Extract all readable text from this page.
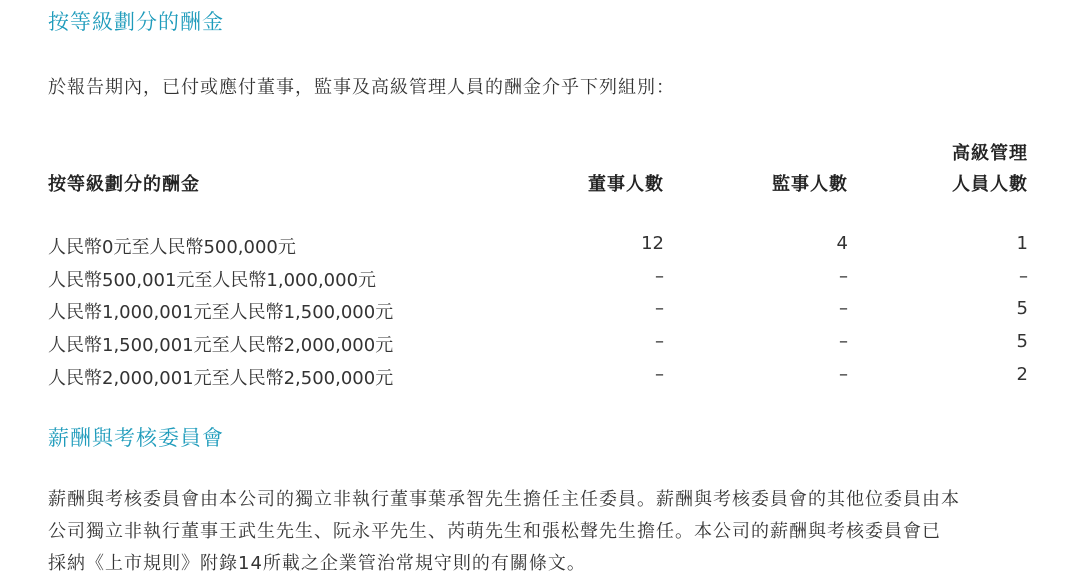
按等級劃分的酬金

於報告期內，已付或應付董事，監事及高級管理人員的酬金介乎下列組別：

按等級劃分的酬金	董事人數	監事人數
高級管理
人員人數
人民幣0元至人民幣500,000元	12	4	1
人民幣500,001元至人民幣1,000,000元	–	–	–
人民幣1,000,001元至人民幣1,500,000元	–	–	5
人民幣1,500,001元至人民幣2,000,000元	–	–	5
人民幣2,000,001元至人民幣2,500,000元	–	–	2
薪酬與考核委員會
薪酬與考核委員會由本公司的獨立非執行董事葉承智先生擔任主任委員。薪酬與考核委員會的其他位委員由本
公司獨立非執行董事王武生先生、阮永平先生、芮萌先生和張松聲先生擔任。本公司的薪酬與考核委員會已
採納《上市規則》附錄14所載之企業管治常規守則的有關條文。
